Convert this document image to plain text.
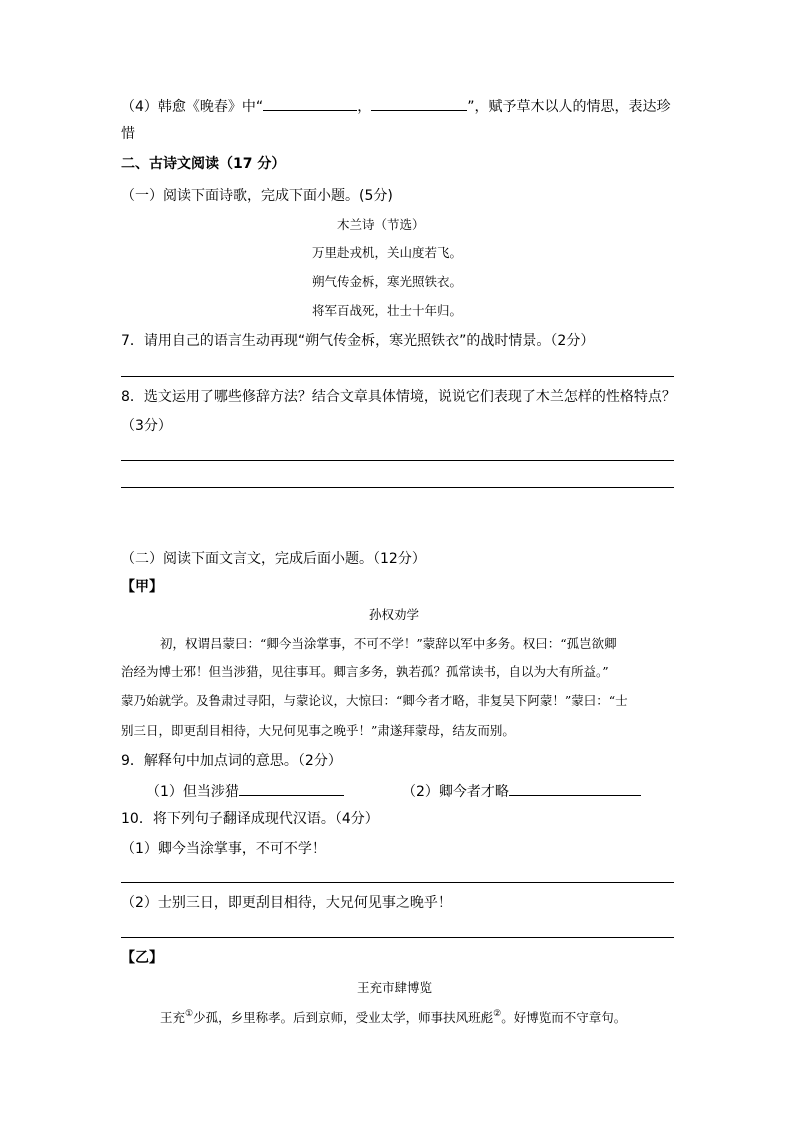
（4）韩愈《晚春》中“	，	”，赋予草木以人的情思，表达珍
惜
二、古诗文阅读（17 分）
（一）阅读下面诗歌，完成下面小题。(5分)
木兰诗（节选）
万里赴戎机，关山度若飞。
朔气传金柝，寒光照铁衣。
将军百战死，壮士十年归。
7．请用自己的语言生动再现“朔气传金柝，寒光照铁衣”的战时情景。（2分）
8．选文运用了哪些修辞方法？结合文章具体情境，说说它们表现了木兰怎样的性格特点？
（3分）
（二）阅读下面文言文，完成后面小题。（12分）
【甲】
孙权劝学
初，权谓吕蒙曰：“卿今当涂掌事，不可不学！”蒙辞以军中多务。权曰：“孤岂欲卿
治经为博士邪！但当涉猎，见往事耳。卿言多务，孰若孤？孤常读书，自以为大有所益。”
蒙乃始就学。及鲁肃过寻阳，与蒙论议，大惊曰：“卿今者才略，非复吴下阿蒙！”蒙曰：“士
别三日，即更刮目相待，大兄何见事之晚乎！”肃遂拜蒙母，结友而别。
9．解释句中加点词的意思。（2分）
（1）但当涉猎	（2）卿今者才略
10．将下列句子翻译成现代汉语。（4分）
（1）卿今当涂掌事，不可不学！
（2）士别三日，即更刮目相待，大兄何见事之晚乎！
【乙】
王充市肆博览
王充①少孤，乡里称孝。后到京师，受业太学，师事扶风班彪②。好博览而不守章句。
